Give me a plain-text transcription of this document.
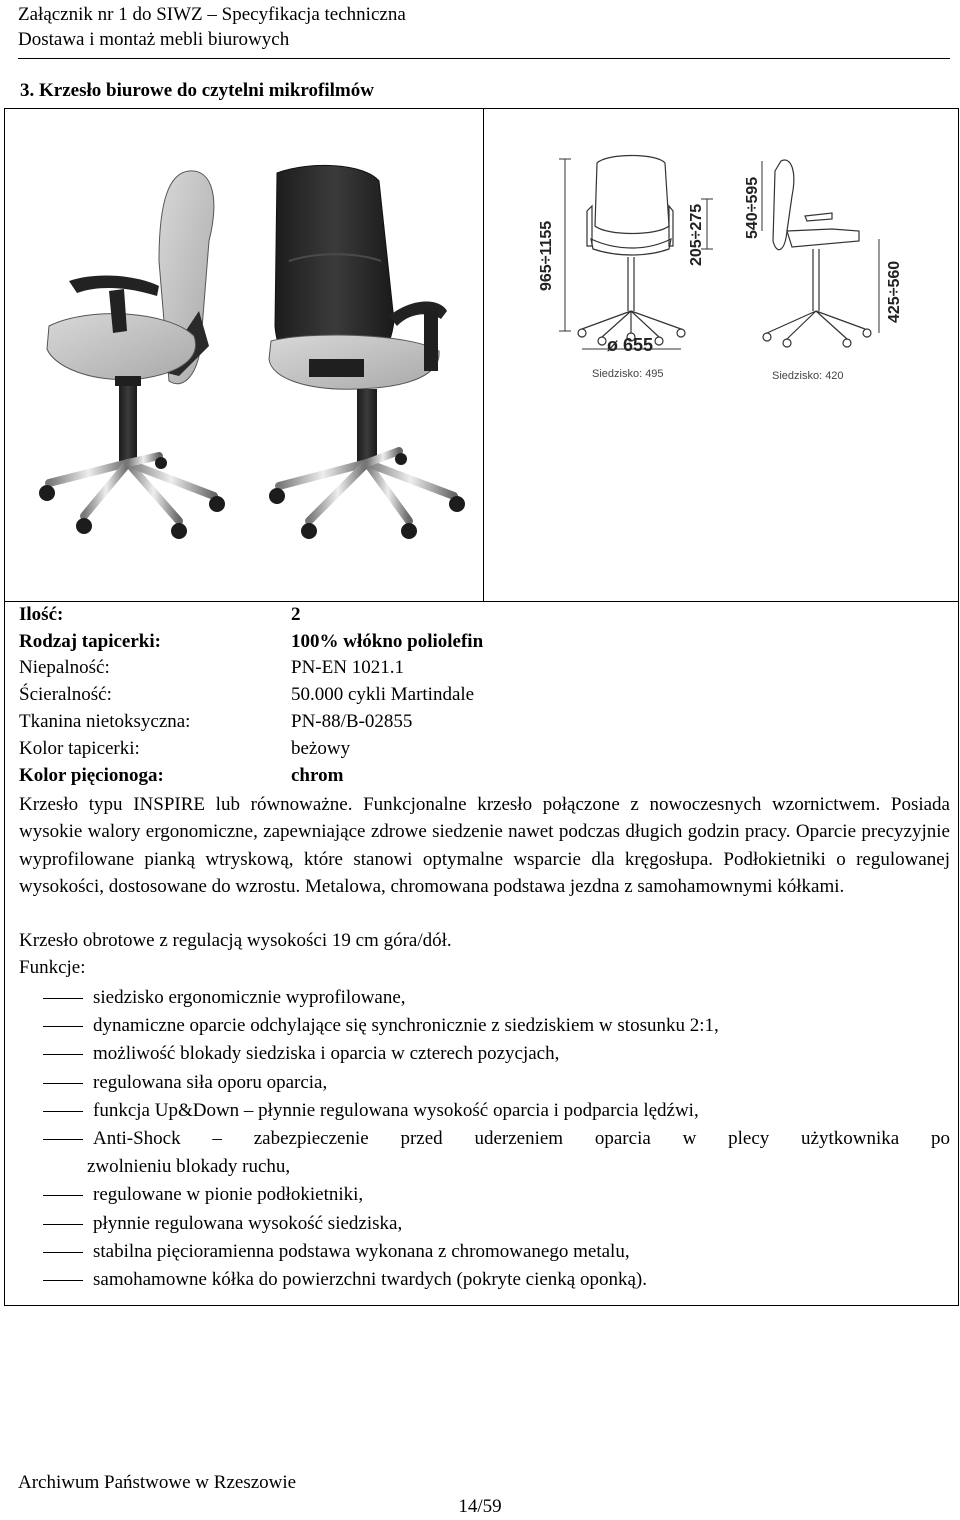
Załącznik nr 1 do SIWZ – Specyfikacja techniczna
Dostawa i montaż mebli biurowych
3. Krzesło biurowe do czytelni mikrofilmów
965÷1155	205÷275 540÷595
425÷560
ø 655
Siedzisko: 495	Siedzisko: 420
Ilość:	2
Rodzaj tapicerki:	100% włókno poliolefin
Niepalność:	PN-EN 1021.1
Ścieralność:	50.000 cykli Martindale
Tkanina nietoksyczna:	PN-88/B-02855
Kolor tapicerki:	beżowy
Kolor pięcionoga:	chrom
Krzesło typu INSPIRE lub równoważne. Funkcjonalne krzesło połączone z nowoczesnych wzornictwem. Posiada wysokie walory ergonomiczne, zapewniające zdrowe siedzenie nawet podczas długich godzin pracy. Oparcie precyzyjnie wyprofilowane pianką wtryskową, które stanowi optymalne wsparcie dla kręgosłupa. Podłokietniki o regulowanej wysokości, dostosowane do wzrostu. Metalowa, chromowana podstawa jezdna z samohamownymi kółkami.
Krzesło obrotowe z regulacją wysokości 19 cm góra/dół.
Funkcje:
siedzisko ergonomicznie wyprofilowane,
dynamiczne oparcie odchylające się synchronicznie z siedziskiem w stosunku 2:1,
możliwość blokady siedziska i oparcia w czterech pozycjach,
regulowana siła oporu oparcia,
funkcja Up&Down – płynnie regulowana wysokość oparcia i podparcia lędźwi,
Anti-Shock – zabezpieczenie przed uderzeniem oparcia w plecy użytkownika po
zwolnieniu blokady ruchu,
regulowane w pionie podłokietniki,
płynnie regulowana wysokość siedziska,
stabilna pięcioramienna podstawa wykonana z chromowanego metalu,
samohamowne kółka do powierzchni twardych (pokryte cienką oponką).
Archiwum Państwowe w Rzeszowie
14/59
